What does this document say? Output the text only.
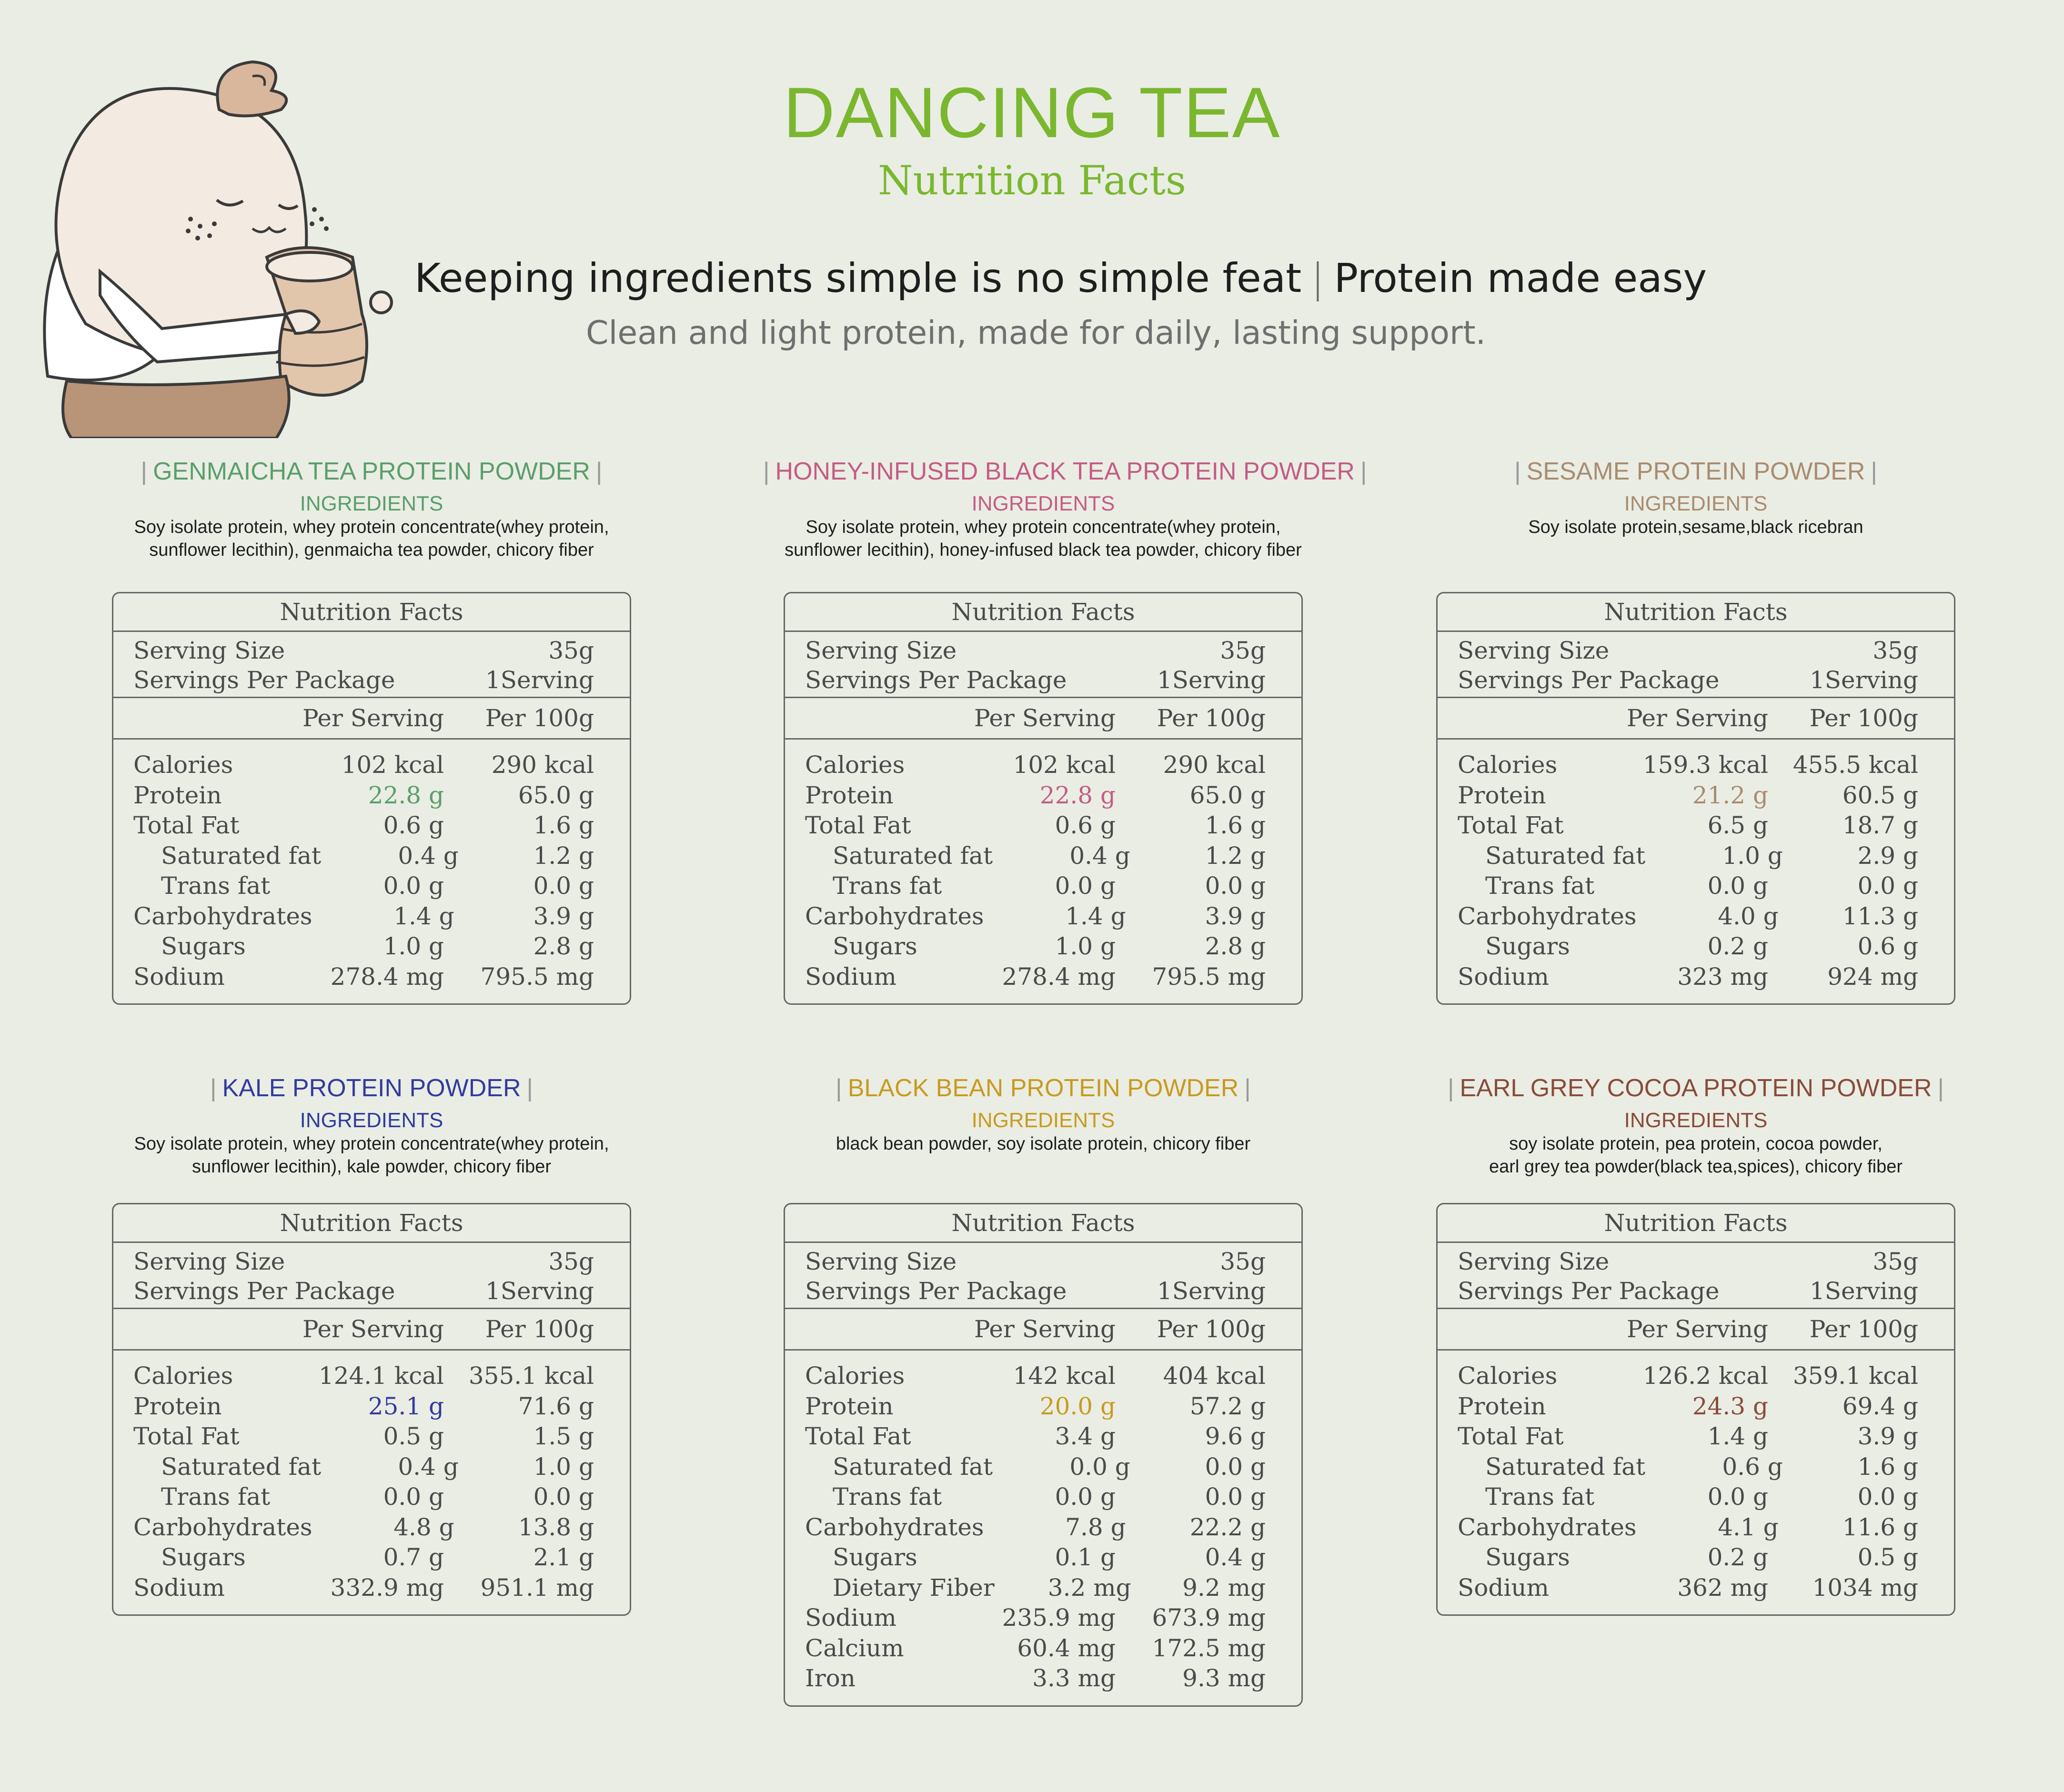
DANCING TEA
Nutrition Facts
Keeping ingredients simple is no simple feat | Protein made easy
Clean and light protein, made for daily, lasting support.
| GENMAICHA TEA PROTEIN POWDER |
INGREDIENTS
Soy isolate protein, whey protein concentrate(whey protein,
sunflower lecithin), genmaicha tea powder, chicory fiber
Nutrition Facts
Serving Size	35g
Servings Per Package	1Serving
Per Serving	Per 100g
Calories	102 kcal	290 kcal
Protein	22.8 g	65.0 g
Total Fat	0.6 g	1.6 g
Saturated fat	0.4 g	1.2 g
Trans fat	0.0 g	0.0 g
Carbohydrates	1.4 g	3.9 g
Sugars	1.0 g	2.8 g
Sodium	278.4 mg	795.5 mg
| HONEY-INFUSED BLACK TEA PROTEIN POWDER |
INGREDIENTS
Soy isolate protein, whey protein concentrate(whey protein,
sunflower lecithin), honey-infused black tea powder, chicory fiber
Nutrition Facts
Serving Size	35g
Servings Per Package	1Serving
Per Serving	Per 100g
Calories	102 kcal	290 kcal
Protein	22.8 g	65.0 g
Total Fat	0.6 g	1.6 g
Saturated fat	0.4 g	1.2 g
Trans fat	0.0 g	0.0 g
Carbohydrates	1.4 g	3.9 g
Sugars	1.0 g	2.8 g
Sodium	278.4 mg	795.5 mg
| SESAME PROTEIN POWDER |
INGREDIENTS
Soy isolate protein,sesame,black ricebran
Nutrition Facts
Serving Size	35g
Servings Per Package	1Serving
Per Serving	Per 100g
Calories	159.3 kcal	455.5 kcal
Protein	21.2 g	60.5 g
Total Fat	6.5 g	18.7 g
Saturated fat	1.0 g	2.9 g
Trans fat	0.0 g	0.0 g
Carbohydrates	4.0 g	11.3 g
Sugars	0.2 g	0.6 g
Sodium	323 mg	924 mg
| KALE PROTEIN POWDER |
INGREDIENTS
Soy isolate protein, whey protein concentrate(whey protein,
sunflower lecithin), kale powder, chicory fiber
Nutrition Facts
Serving Size	35g
Servings Per Package	1Serving
Per Serving	Per 100g
Calories	124.1 kcal	355.1 kcal
Protein	25.1 g	71.6 g
Total Fat	0.5 g	1.5 g
Saturated fat	0.4 g	1.0 g
Trans fat	0.0 g	0.0 g
Carbohydrates	4.8 g	13.8 g
Sugars	0.7 g	2.1 g
Sodium	332.9 mg	951.1 mg
| BLACK BEAN PROTEIN POWDER |
INGREDIENTS
black bean powder, soy isolate protein, chicory fiber
Nutrition Facts
Serving Size	35g
Servings Per Package	1Serving
Per Serving	Per 100g
Calories	142 kcal	404 kcal
Protein	20.0 g	57.2 g
Total Fat	3.4 g	9.6 g
Saturated fat	0.0 g	0.0 g
Trans fat	0.0 g	0.0 g
Carbohydrates	7.8 g	22.2 g
Sugars	0.1 g	0.4 g
Dietary Fiber	3.2 mg	9.2 mg
Sodium	235.9 mg	673.9 mg
Calcium	60.4 mg	172.5 mg
Iron	3.3 mg	9.3 mg
| EARL GREY COCOA PROTEIN POWDER |
INGREDIENTS
soy isolate protein, pea protein, cocoa powder,
earl grey tea powder(black tea,spices), chicory fiber
Nutrition Facts
Serving Size	35g
Servings Per Package	1Serving
Per Serving	Per 100g
Calories	126.2 kcal	359.1 kcal
Protein	24.3 g	69.4 g
Total Fat	1.4 g	3.9 g
Saturated fat	0.6 g	1.6 g
Trans fat	0.0 g	0.0 g
Carbohydrates	4.1 g	11.6 g
Sugars	0.2 g	0.5 g
Sodium	362 mg	1034 mg
